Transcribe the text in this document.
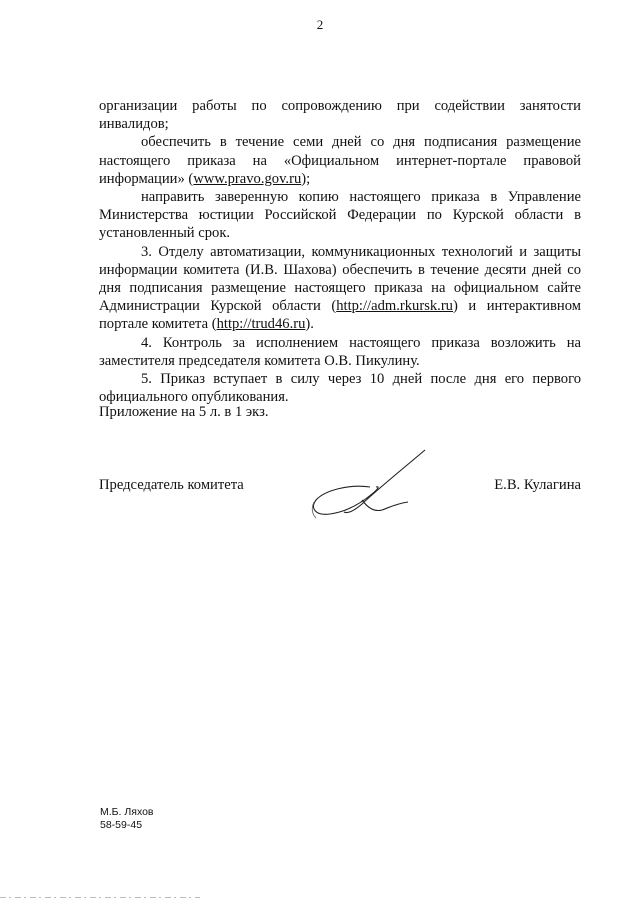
2

организации работы по сопровождению при содействии занятости инвалидов;

обеспечить в течение семи дней со дня подписания размещение настоящего приказа на «Официальном интернет-портале правовой информации» (www.pravo.gov.ru);

направить заверенную копию настоящего приказа в Управление Министерства юстиции Российской Федерации по Курской области в установленный срок.

3. Отделу автоматизации, коммуникационных технологий и защиты информации комитета (И.В. Шахова) обеспечить в течение десяти дней со дня подписания размещение настоящего приказа на официальном сайте Администрации Курской области (http://adm.rkursk.ru) и интерактивном портале комитета (http://trud46.ru).

4. Контроль за исполнением настоящего приказа возложить на заместителя председателя комитета О.В. Пикулину.

5. Приказ вступает в силу через 10 дней после дня его первого официального опубликования.

Приложение на 5 л. в 1 экз.
Председатель комитета	Е.В. Кулагина
М.Б. Ляхов
58-59-45
